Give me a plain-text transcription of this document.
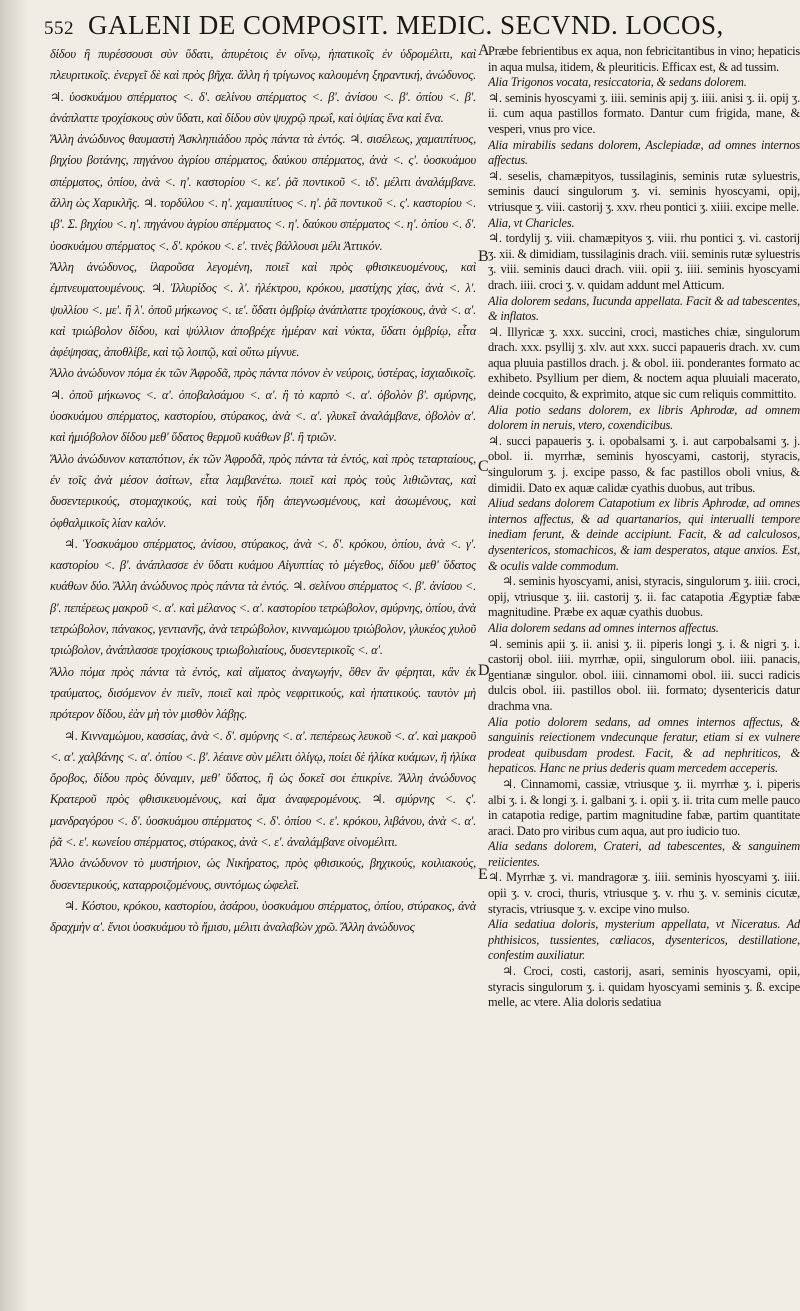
552 GALENI DE COMPOSIT. MEDIC. SECVND. LOCOS,

δίδου ἢ πυρέσσουσι σὺν ὕδατι, ἀπυρέτοις ἐν οἴνῳ, ἡπατικοῖς ἐν ὑδρομέλιτι, καὶ πλευριτικοῖς. ἐνεργεῖ δὲ καὶ πρὸς βῆχα. ἄλλη ἡ τρίγωνος καλουμένη ξηραντική, ἀνώδυνος. ♃. ὑοσκυάμου σπέρματος <. δ'. σελίνου σπέρματος <. β'. ἀνίσου <. β'. ὀπίου <. β'. ἀνάπλαττε τροχίσκους σὺν ὕδατι, καὶ δίδου σὺν ψυχρῷ πρωΐ, καὶ ὀψίας ἕνα καὶ ἕνα.

Ἄλλη ἀνώδυνος θαυμαστὴ Ἀσκληπιάδου πρὸς πάντα τὰ ἐντός. ♃. σισέλεως, χαμαιπίτυος, βηχίου βοτάνης, πηγάνου ἀγρίου σπέρματος, δαύκου σπέρματος, ἀνὰ <. ς'. ὑοσκυάμου σπέρματος, ὀπίου, ἀνὰ <. η'. καστορίου <. κε'. ῥᾶ ποντικοῦ <. ιδ'. μέλιτι ἀναλάμβανε. ἄλλη ὡς Χαρικλῆς. ♃. τορδύλου <. η'. χαμαιπίτυος <. η'. ῥᾶ ποντικοῦ <. ς'. καστορίου <. ιβ'. Σ. βηχίου <. η'. πηγάνου ἀγρίου σπέρματος <. η'. δαύκου σπέρματος <. η'. ὀπίου <. δ'. ὑοσκυάμου σπέρματος <. δ'. κρόκου <. ε'. τινὲς βάλλουσι μέλι Ἀττικόν.

Ἄλλη ἀνώδυνος, ἰλαροῦσα λεγομένη, ποιεῖ καὶ πρὸς φθισικευομένους, καὶ ἐμπνευματουμένους. ♃. Ἰλλυρίδος <. λ'. ἠλέκτρου, κρόκου, μαστίχης χίας, ἀνὰ <. λ'. ψυλλίου <. με'. ἢ λ'. ὀποῦ μήκωνος <. ιε'. ὕδατι ὀμβρίῳ ἀνάπλαττε τροχίσκους, ἀνὰ <. α'. καὶ τριώβολον δίδου, καὶ ψύλλιον ἀποβρέχε ἡμέραν καὶ νύκτα, ὕδατι ὀμβρίῳ, εἶτα ἀφέψησας, ἀποθλίβε, καὶ τῷ λοιπῷ, καὶ οὕτω μίγνυε.

Ἄλλο ἀνώδυνον πόμα ἐκ τῶν Ἀφροδᾶ, πρὸς πάντα πόνον ἐν νεύροις, ὑστέρας, ἰσχιαδικοῖς. ♃. ὀποῦ μήκωνος <. α'. ὀποβαλσάμου <. α'. ἢ τὸ καρπὸ <. α'. ὀβολὸν β'. σμύρνης, ὑοσκυάμου σπέρματος, καστορίου, στύρακος, ἀνὰ <. α'. γλυκεῖ ἀναλάμβανε, ὀβολὸν α'. καὶ ἡμιόβολον δίδου μεθ' ὕδατος θερμοῦ κυάθων β'. ἢ τριῶν.

Ἄλλο ἀνώδυνον καταπότιον, ἐκ τῶν Ἀφροδᾶ, πρὸς πάντα τὰ ἐντός, καὶ πρὸς τεταρταίους, ἐν τοῖς ἀνὰ μέσον ἀσίτων, εἶτα λαμβανέτω. ποιεῖ καὶ πρὸς τοὺς λιθιῶντας, καὶ δυσεντερικούς, στομαχικούς, καὶ τοὺς ἤδη ἀπεγνωσμένους, καὶ ἀσωμένους, καὶ ὀφθαλμικοῖς λίαν καλόν.

♃. Ὑοσκυάμου σπέρματος, ἀνίσου, στύρακος, ἀνὰ <. δ'. κρόκου, ὀπίου, ἀνὰ <. γ'. καστορίου <. β'. ἀνάπλασσε ἐν ὕδατι κυάμου Αἰγυπτίας τὸ μέγεθος, δίδου μεθ' ὕδατος κυάθων δύο. Ἄλλη ἀνώδυνος πρὸς πάντα τὰ ἐντός. ♃. σελίνου σπέρματος <. β'. ἀνίσου <. β'. πεπέρεως μακροῦ <. α'. καὶ μέλανος <. α'. καστορίου τετρώβολον, σμύρνης, ὀπίου, ἀνὰ τετρώβολον, πάνακος, γεντιανῆς, ἀνὰ τετρώβολον, κινναμώμου τριώβολον, γλυκέος χυλοῦ τριώβολον, ἀνάπλασσε τροχίσκους τριωβολιαίους, δυσεντερικοῖς <. α'.

Ἄλλο πόμα πρὸς πάντα τὰ ἐντός, καὶ αἵματος ἀναγωγήν, ὅθεν ἂν φέρηται, κἂν ἐκ τραύματος, δισόμενον ἐν πιεῖν, ποιεῖ καὶ πρὸς νεφριτικούς, καὶ ἡπατικούς. ταυτὸν μὴ πρότερον δίδου, ἐὰν μὴ τὸν μισθὸν λάβῃς.

♃. Κινναμώμου, κασσίας, ἀνὰ <. δ'. σμύρνης <. α'. πεπέρεως λευκοῦ <. α'. καὶ μακροῦ <. α'. χαλβάνης <. α'. ὀπίου <. β'. λέαινε σὺν μέλιτι ὀλίγῳ, ποίει δὲ ἡλίκα κυάμων, ἢ ἡλίκα ὄροβος, δίδου πρὸς δύναμιν, μεθ' ὕδατος, ἢ ὡς δοκεῖ σοι ἐπικρίνε. Ἄλλη ἀνώδυνος Κρατεροῦ πρὸς φθισικευομένους, καὶ ἄμα ἀναφερομένους. ♃. σμύρνης <. ς'. μανδραγόρου <. δ'. ὑοσκυάμου σπέρματος <. δ'. ὀπίου <. ε'. κρόκου, λιβάνου, ἀνὰ <. α'. ῥᾶ <. ε'. κωνείου σπέρματος, στύρακος, ἀνὰ <. ε'. ἀναλάμβανε οἰνομέλιτι.

Ἄλλο ἀνώδυνον τὸ μυστήριον, ὡς Νικήρατος, πρὸς φθισικούς, βηχικούς, κοιλιακούς, δυσεντερικούς, καταρροιζομένους, συντόμως ὠφελεῖ.

♃. Κόστου, κρόκου, καστορίου, ἀσάρου, ὑοσκυάμου σπέρματος, ὀπίου, στύρακος, ἀνὰ δραχμὴν α'. ἔνιοι ὑοσκυάμου τὸ ἥμισυ, μέλιτι ἀναλαβὼν χρῶ. Ἄλλη ἀνώδυνος

A
B
C
D
E

Præbe febrientibus ex aqua, non febricitantibus in vino; hepaticis in aqua mulsa, itidem, & pleuriticis. Efficax est, & ad tussim.

Alia Trigonos vocata, resiccatoria, & sedans dolorem.

♃. seminis hyoscyami ʒ. iiii. seminis apij ʒ. iiii. anisi ʒ. ii. opij ʒ. ii. cum aqua pastillos formato. Dantur cum frigida, mane, & vesperi, vnus pro vice.

Alia mirabilis sedans dolorem, Asclepiadæ, ad omnes internos affectus.

♃. seselis, chamæpityos, tussilaginis, seminis rutæ syluestris, seminis dauci singulorum ʒ. vi. seminis hyoscyami, opij, vtriusque ʒ. viii. castorij ʒ. xxv. rheu pontici ʒ. xiiii. excipe melle.

Alia, vt Charicles.

♃. tordylij ʒ. viii. chamæpityos ʒ. viii. rhu pontici ʒ. vi. castorij ʒ. xii. & dimidiam, tussilaginis drach. viii. seminis rutæ syluestris ʒ. viii. seminis dauci drach. viii. opii ʒ. iiii. seminis hyoscyami drach. iiii. croci ʒ. v. quidam addunt mel Atticum.

Alia dolorem sedans, Iucunda appellata. Facit & ad tabescentes, & inflatos.

♃. Illyricæ ʒ. xxx. succini, croci, mastiches chiæ, singulorum drach. xxx. psyllij ʒ. xlv. aut xxx. succi papaueris drach. xv. cum aqua pluuia pastillos drach. j. & obol. iii. ponderantes formato ac exhibeto. Psyllium per diem, & noctem aqua pluuiali macerato, deinde cocquito, & exprimito, atque sic cum reliquis committito.

Alia potio sedans dolorem, ex libris Aphrodæ, ad omnem dolorem in neruis, vtero, coxendicibus.

♃. succi papaueris ʒ. i. opobalsami ʒ. i. aut carpobalsami ʒ. j. obol. ii. myrrhæ, seminis hyoscyami, castorij, styracis, singulorum ʒ. j. excipe passo, & fac pastillos oboli vnius, & dimidii. Dato ex aquæ calidæ cyathis duobus, aut tribus.

Aliud sedans dolorem Catapotium ex libris Aphrodæ, ad omnes internos affectus, & ad quartanarios, qui interualli tempore inediam ferunt, & deinde accipiunt. Facit, & ad calculosos, dysentericos, stomachicos, & iam desperatos, atque anxios. Est, & oculis valde commodum.

♃. seminis hyoscyami, anisi, styracis, singulorum ʒ. iiii. croci, opij, vtriusque ʒ. iii. castorij ʒ. ii. fac catapotia Ægyptiæ fabæ magnitudine. Præbe ex aquæ cyathis duobus.

Alia dolorem sedans ad omnes internos affectus.

♃. seminis apii ʒ. ii. anisi ʒ. ii. piperis longi ʒ. i. & nigri ʒ. i. castorij obol. iiii. myrrhæ, opii, singulorum obol. iiii. panacis, gentianæ singulor. obol. iiii. cinnamomi obol. iii. succi radicis dulcis obol. iii. pastillos obol. iii. formato; dysentericis datur drachma vna.

Alia potio dolorem sedans, ad omnes internos affectus, & sanguinis reiectionem vndecunque feratur, etiam si ex vulnere prodeat quibusdam prodest. Facit, & ad nephriticos, & hepaticos. Hanc ne prius dederis quam mercedem acceperis.

♃. Cinnamomi, cassiæ, vtriusque ʒ. ii. myrrhæ ʒ. i. piperis albi ʒ. i. & longi ʒ. i. galbani ʒ. i. opii ʒ. ii. trita cum melle pauco in catapotia redige, partim magnitudine fabæ, partim quantitate araci. Dato pro viribus cum aqua, aut pro iudicio tuo.

Alia sedans dolorem, Crateri, ad tabescentes, & sanguinem reiicientes.

♃. Myrrhæ ʒ. vi. mandragoræ ʒ. iiii. seminis hyoscyami ʒ. iiii. opii ʒ. v. croci, thuris, vtriusque ʒ. v. rhu ʒ. v. seminis cicutæ, styracis, vtriusque ʒ. v. excipe vino mulso.

Alia sedatiua doloris, mysterium appellata, vt Niceratus. Ad phthisicos, tussientes, cœliacos, dysentericos, destillatione, confestim auxiliatur.

♃. Croci, costi, castorij, asari, seminis hyoscyami, opii, styracis singulorum ʒ. i. quidam hyoscyami seminis ʒ. ß. excipe melle, ac vtere. Alia doloris sedatiua
